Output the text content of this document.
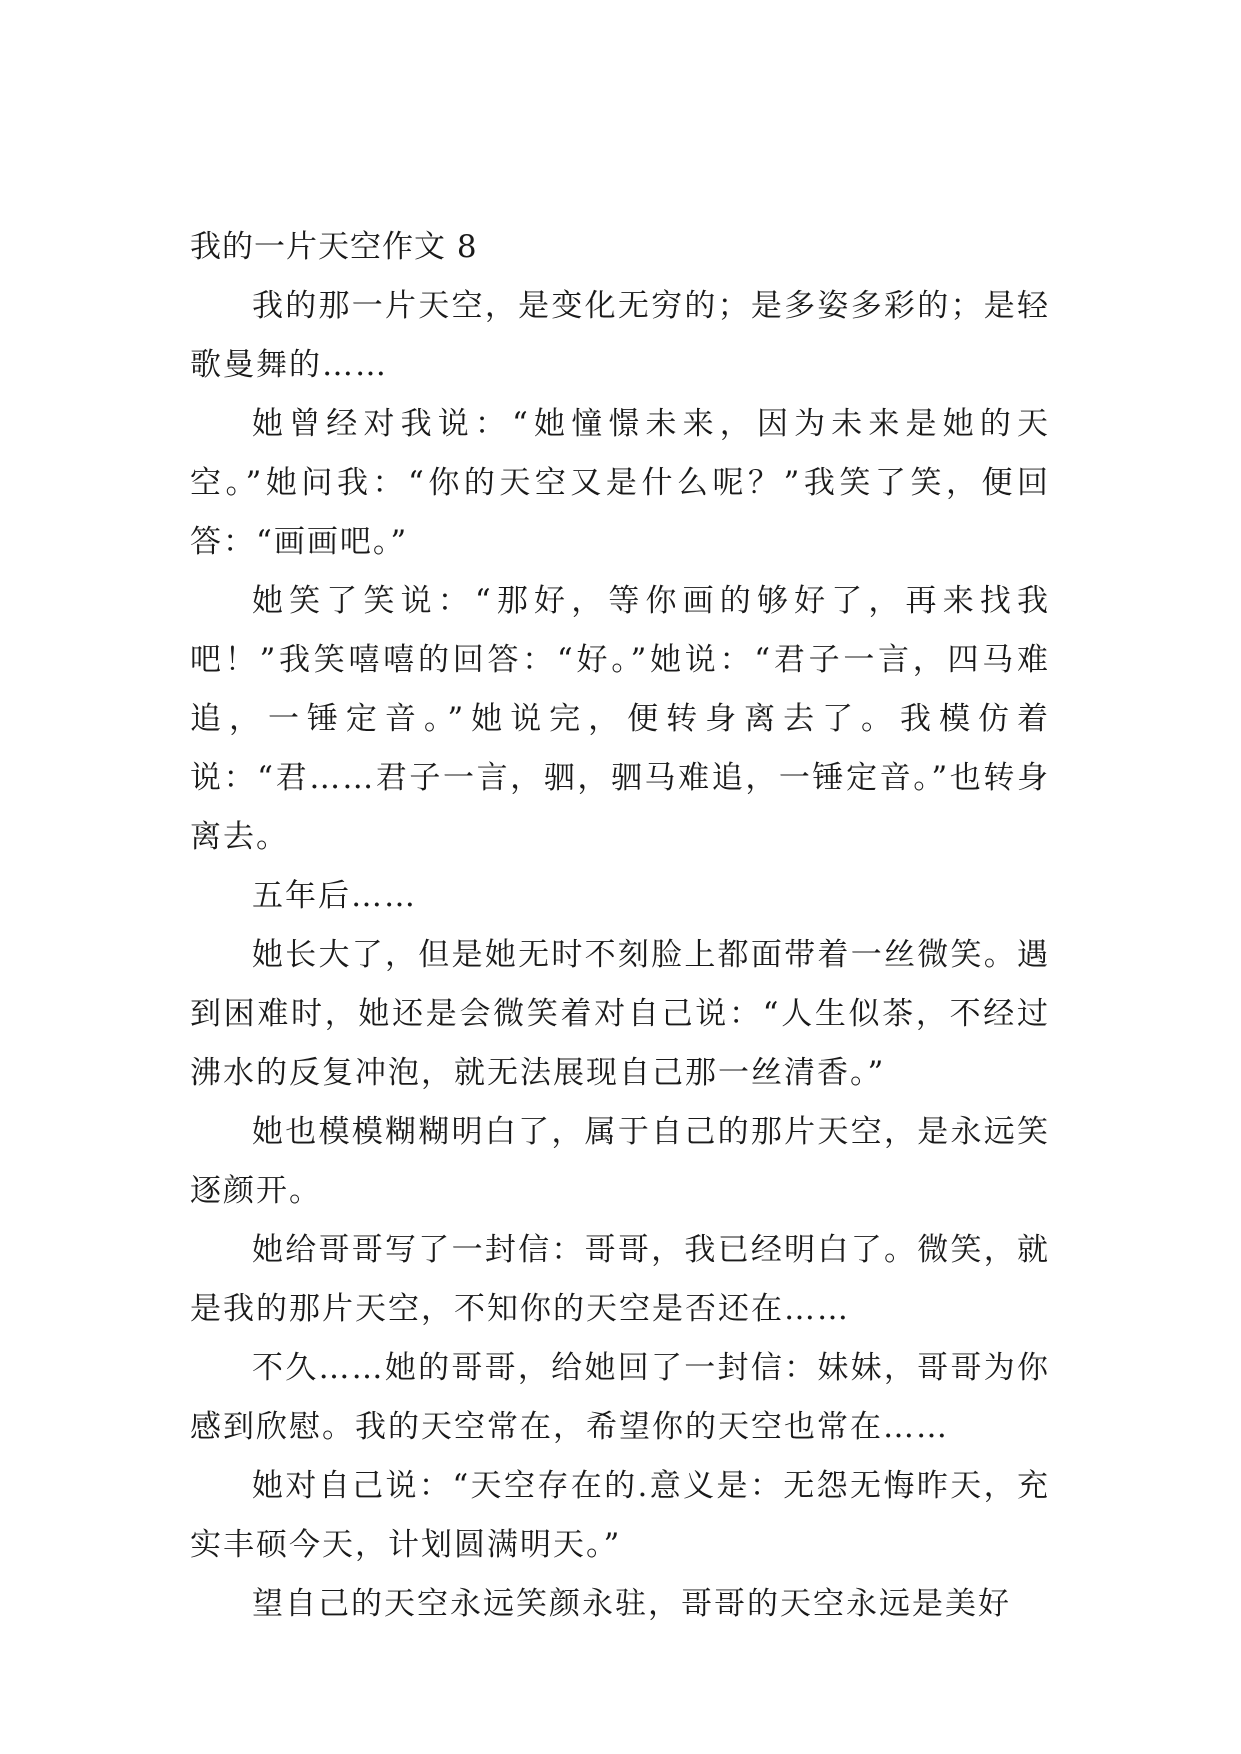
我的一片天空作文 8

我的那一片天空，是变化无穷的；是多姿多彩的；是轻歌曼舞的……

她曾经对我说：“她憧憬未来，因为未来是她的天空。”她问我：“你的天空又是什么呢？”我笑了笑，便回答：“画画吧。”

她笑了笑说：“那好，等你画的够好了，再来找我吧！”我笑嘻嘻的回答：“好。”她说：“君子一言，四马难追，一锤定音。”她说完，便转身离去了。我模仿着说：“君……君子一言，驷，驷马难追，一锤定音。”也转身离去。

五年后……

她长大了，但是她无时不刻脸上都面带着一丝微笑。遇到困难时，她还是会微笑着对自己说：“人生似茶，不经过沸水的反复冲泡，就无法展现自己那一丝清香。”

她也模模糊糊明白了，属于自己的那片天空，是永远笑逐颜开。

她给哥哥写了一封信：哥哥，我已经明白了。微笑，就是我的那片天空，不知你的天空是否还在……

不久……她的哥哥，给她回了一封信：妹妹，哥哥为你感到欣慰。我的天空常在，希望你的天空也常在……

她对自己说：“天空存在的.意义是：无怨无悔昨天，充实丰硕今天，计划圆满明天。”

望自己的天空永远笑颜永驻，哥哥的天空永远是美好
